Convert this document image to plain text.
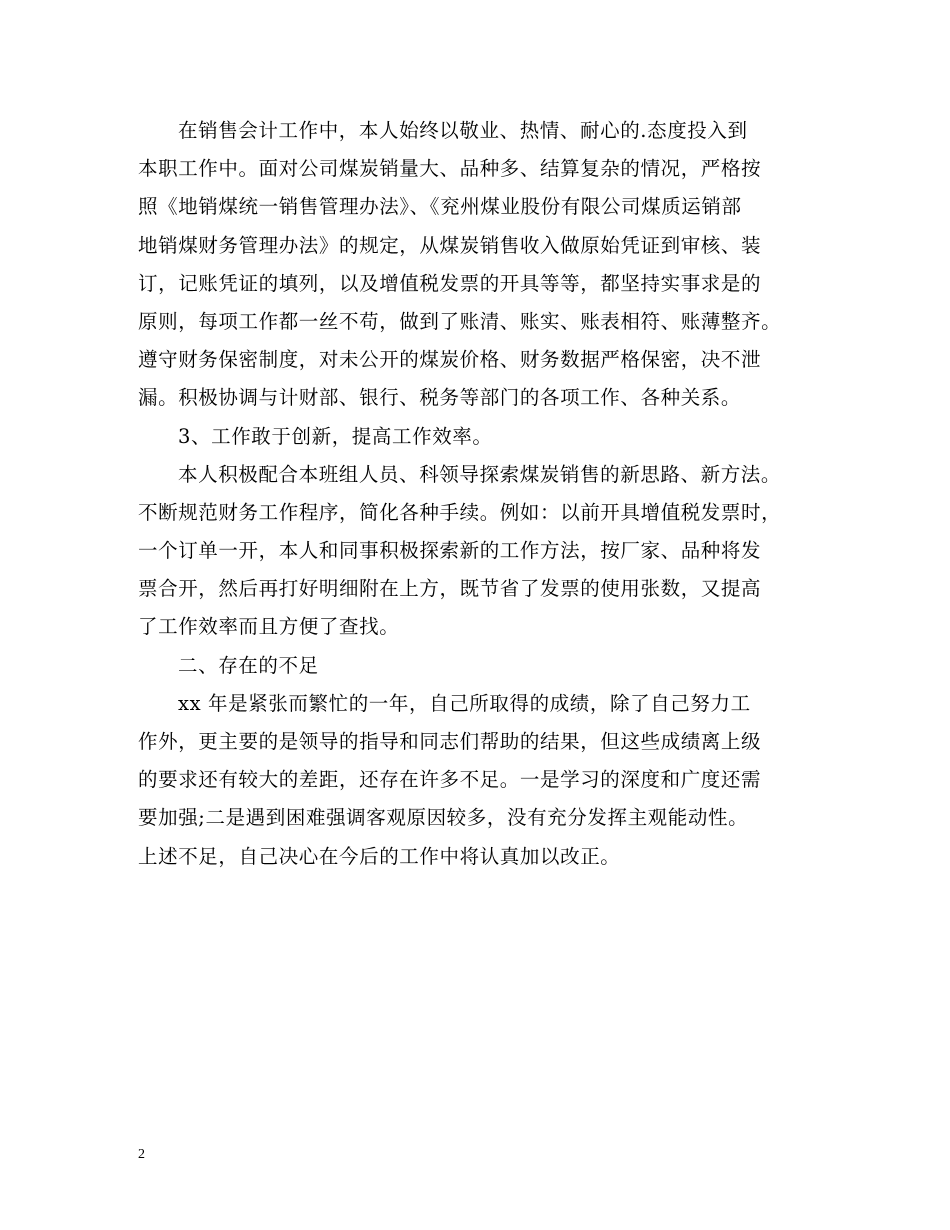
在销售会计工作中，本人始终以敬业、热情、耐心的.态度投入到
本职工作中。面对公司煤炭销量大、品种多、结算复杂的情况，严格按
照《地销煤统一销售管理办法》、《兖州煤业股份有限公司煤质运销部
地销煤财务管理办法》的规定，从煤炭销售收入做原始凭证到审核、装
订，记账凭证的填列，以及增值税发票的开具等等，都坚持实事求是的
原则，每项工作都一丝不苟，做到了账清、账实、账表相符、账薄整齐。
遵守财务保密制度，对未公开的煤炭价格、财务数据严格保密，决不泄
漏。积极协调与计财部、银行、税务等部门的各项工作、各种关系。
3、工作敢于创新，提高工作效率。
本人积极配合本班组人员、科领导探索煤炭销售的新思路、新方法。
不断规范财务工作程序，简化各种手续。例如：以前开具增值税发票时，
一个订单一开，本人和同事积极探索新的工作方法，按厂家、品种将发
票合开，然后再打好明细附在上方，既节省了发票的使用张数，又提高
了工作效率而且方便了查找。
二、存在的不足
xx 年是紧张而繁忙的一年，自己所取得的成绩，除了自己努力工
作外，更主要的是领导的指导和同志们帮助的结果，但这些成绩离上级
的要求还有较大的差距，还存在许多不足。一是学习的深度和广度还需
要加强;二是遇到困难强调客观原因较多，没有充分发挥主观能动性。
上述不足，自己决心在今后的工作中将认真加以改正。
2
